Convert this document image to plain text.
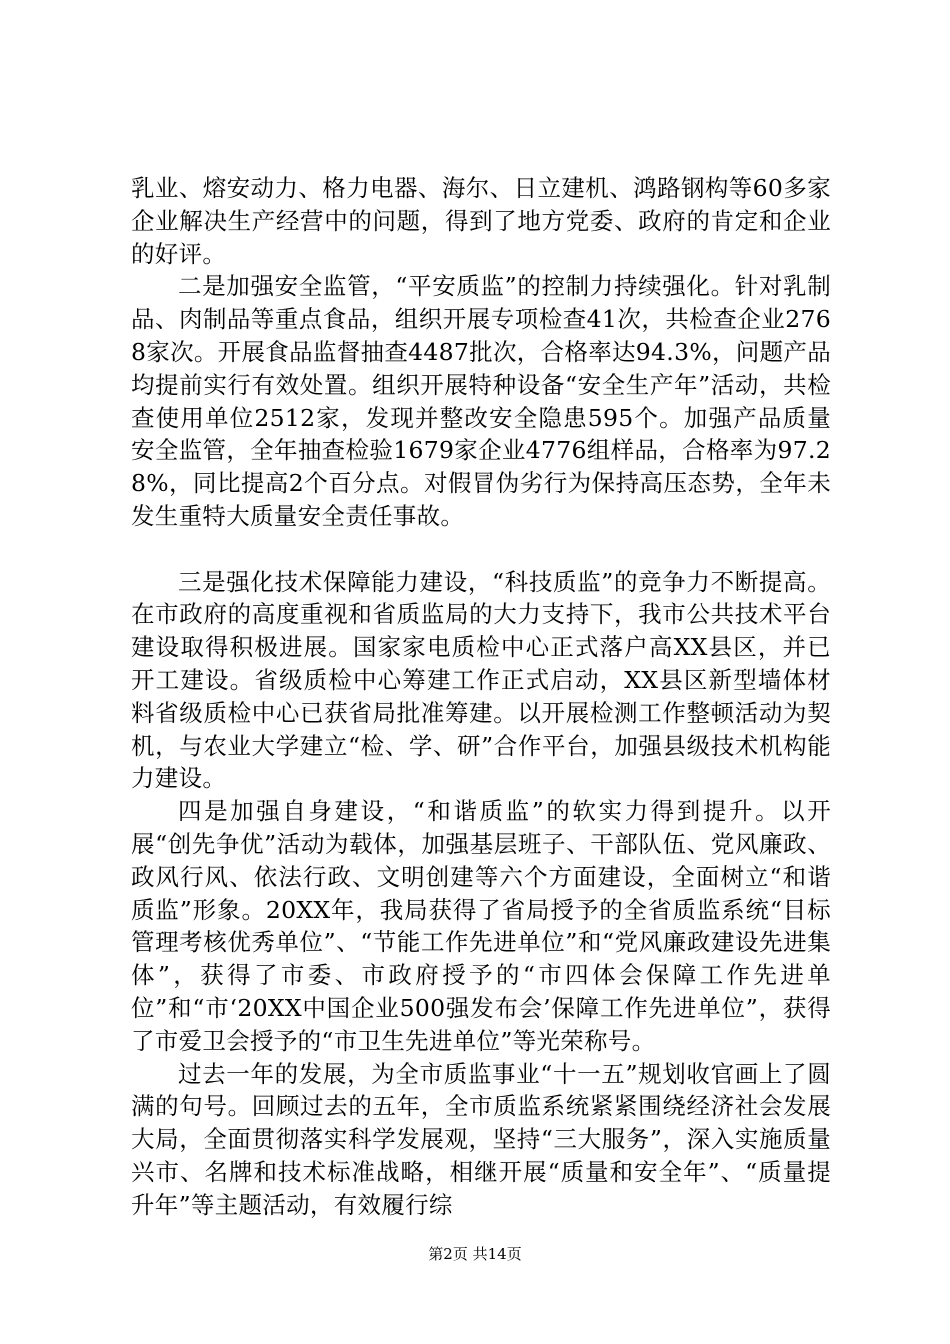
乳业、熔安动力、格力电器、海尔、日立建机、鸿路钢构等60多家企业解决生产经营中的问题，得到了地方党委、政府的肯定和企业的好评。

二是加强安全监管，“平安质监”的控制力持续强化。针对乳制品、肉制品等重点食品，组织开展专项检查41次，共检查企业2768家次。开展食品监督抽查4487批次，合格率达94.3%，问题产品均提前实行有效处置。组织开展特种设备“安全生产年”活动，共检查使用单位2512家，发现并整改安全隐患595个。加强产品质量安全监管，全年抽查检验1679家企业4776组样品，合格率为97.28%，同比提高2个百分点。对假冒伪劣行为保持高压态势，全年未发生重特大质量安全责任事故。

三是强化技术保障能力建设，“科技质监”的竞争力不断提高。在市政府的高度重视和省质监局的大力支持下，我市公共技术平台建设取得积极进展。国家家电质检中心正式落户高XX县区，并已开工建设。省级质检中心筹建工作正式启动，XX县区新型墙体材料省级质检中心已获省局批准筹建。以开展检测工作整顿活动为契机，与农业大学建立“检、学、研”合作平台，加强县级技术机构能力建设。

四是加强自身建设，“和谐质监”的软实力得到提升。以开展“创先争优”活动为载体，加强基层班子、干部队伍、党风廉政、政风行风、依法行政、文明创建等六个方面建设，全面树立“和谐质监”形象。20XX年，我局获得了省局授予的全省质监系统“目标管理考核优秀单位”、“节能工作先进单位”和“党风廉政建设先进集体”，获得了市委、市政府授予的“市四体会保障工作先进单位”和“市‘20XX中国企业500强发布会’保障工作先进单位”，获得了市爱卫会授予的“市卫生先进单位”等光荣称号。

过去一年的发展，为全市质监事业“十一五”规划收官画上了圆满的句号。回顾过去的五年，全市质监系统紧紧围绕经济社会发展大局，全面贯彻落实科学发展观，坚持“三大服务”，深入实施质量兴市、名牌和技术标准战略，相继开展“质量和安全年”、“质量提升年”等主题活动，有效履行综

第2页 共14页
